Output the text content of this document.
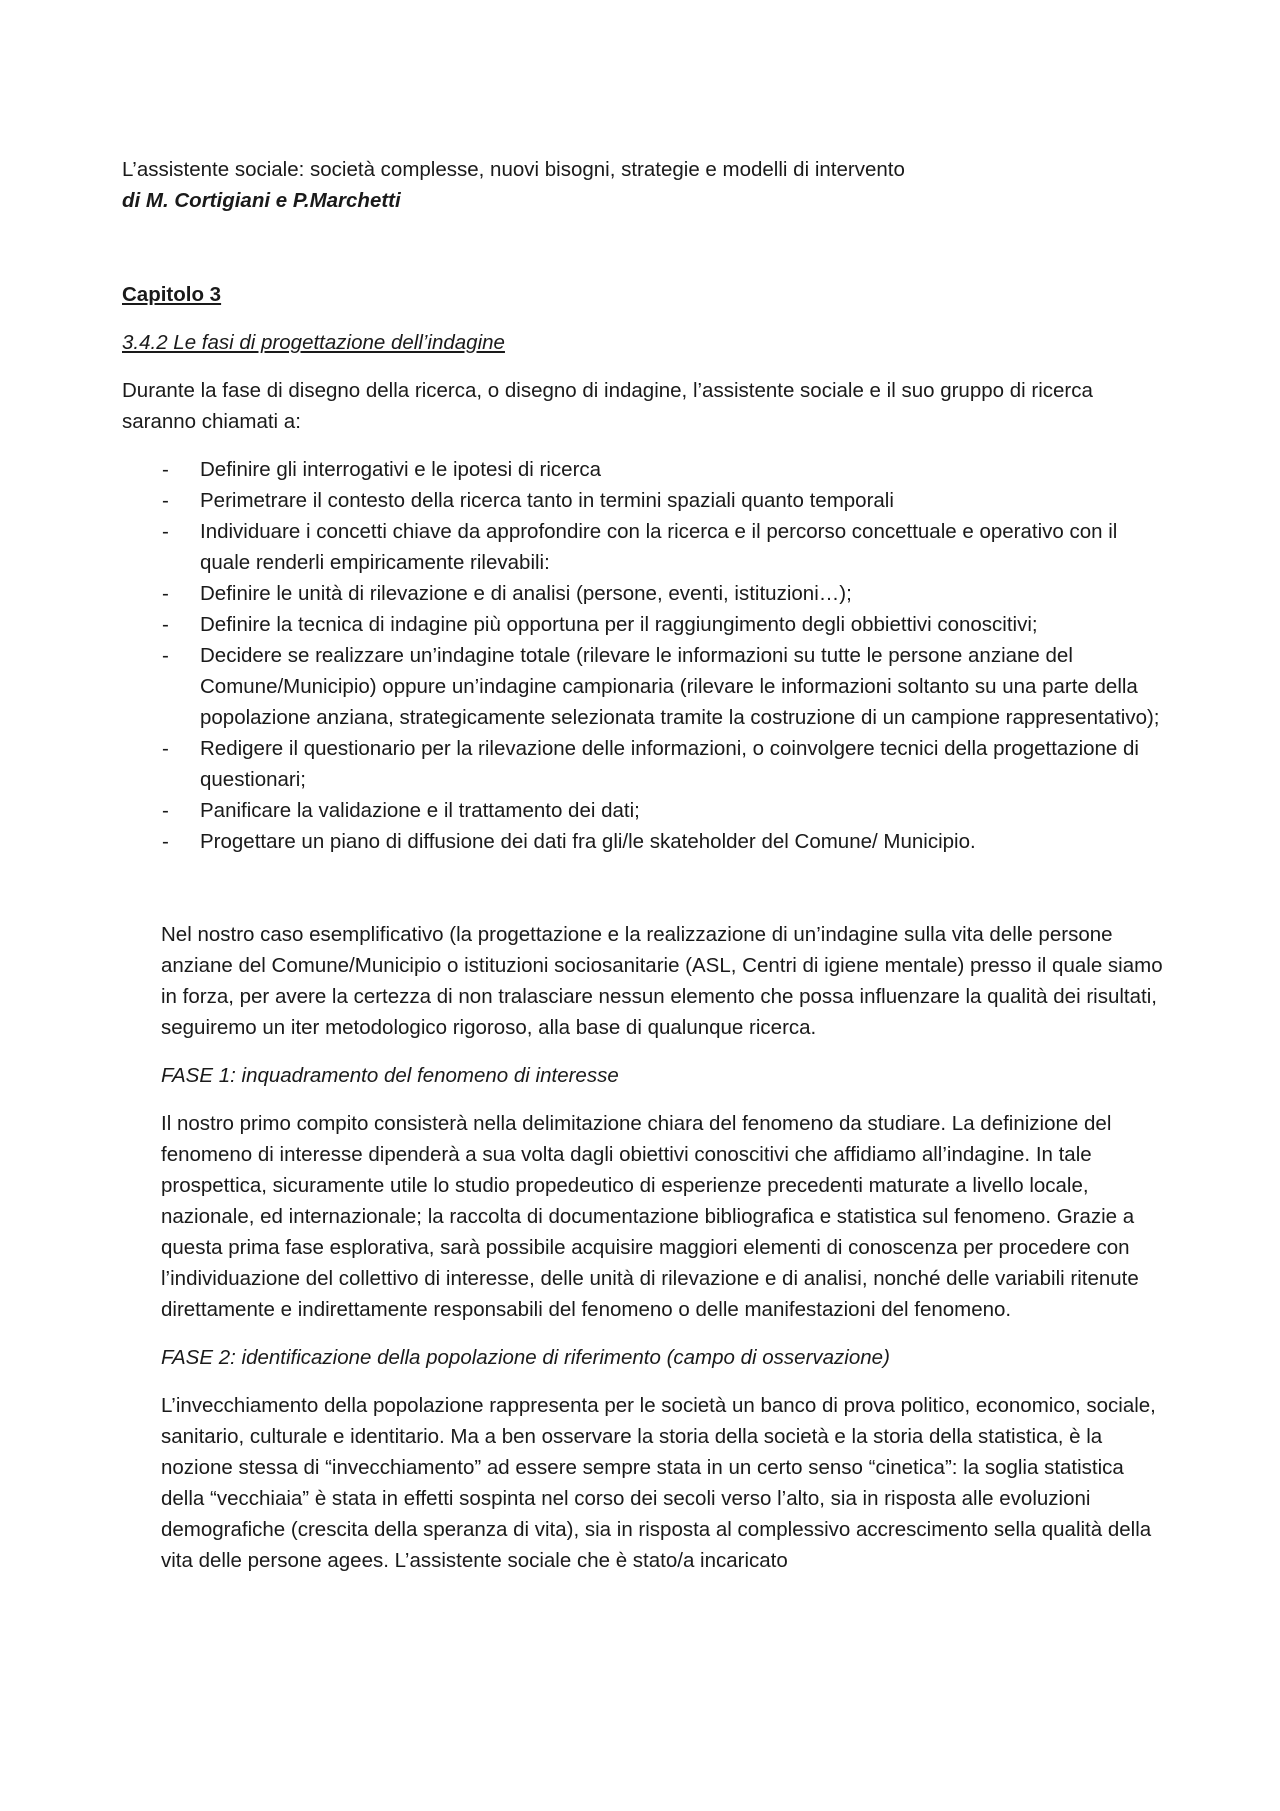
L’assistente sociale: società complesse, nuovi bisogni, strategie e modelli di intervento

di M. Cortigiani e P.Marchetti

Capitolo 3

3.4.2 Le fasi di progettazione dell’indagine

Durante la fase di disegno della ricerca, o disegno di indagine, l’assistente sociale e il suo gruppo di ricerca saranno chiamati a:

- Definire gli interrogativi e le ipotesi di ricerca
- Perimetrare il contesto della ricerca tanto in termini spaziali quanto temporali
- Individuare i concetti chiave da approfondire con la ricerca e il percorso concettuale e operativo con il quale renderli empiricamente rilevabili:
- Definire le unità di rilevazione e di analisi (persone, eventi, istituzioni…);
- Definire la tecnica di indagine più opportuna per il raggiungimento degli obbiettivi conoscitivi;
- Decidere se realizzare un’indagine totale (rilevare le informazioni su tutte le persone anziane del Comune/Municipio) oppure un’indagine campionaria (rilevare le informazioni soltanto su una parte della popolazione anziana, strategicamente selezionata tramite la costruzione di un campione rappresentativo);
- Redigere il questionario per la rilevazione delle informazioni, o coinvolgere tecnici della progettazione di questionari;
- Panificare la validazione e il trattamento dei dati;
- Progettare un piano di diffusione dei dati fra gli/le skateholder del Comune/ Municipio.

Nel nostro caso esemplificativo (la progettazione e la realizzazione di un’indagine sulla vita delle persone anziane del Comune/Municipio o istituzioni sociosanitarie (ASL, Centri di igiene mentale) presso il quale siamo in forza, per avere la certezza di non tralasciare nessun elemento che possa influenzare la qualità dei risultati, seguiremo un iter metodologico rigoroso, alla base di qualunque ricerca.

FASE 1: inquadramento del fenomeno di interesse

Il nostro primo compito consisterà nella delimitazione chiara del fenomeno da studiare. La definizione del fenomeno di interesse dipenderà a sua volta dagli obiettivi conoscitivi che affidiamo all’indagine. In tale prospettica, sicuramente utile lo studio propedeutico di esperienze precedenti maturate a livello locale, nazionale, ed internazionale; la raccolta di documentazione bibliografica e statistica sul fenomeno. Grazie a questa prima fase esplorativa, sarà possibile acquisire maggiori elementi di conoscenza per procedere con l’individuazione del collettivo di interesse, delle unità di rilevazione e di analisi, nonché delle variabili ritenute direttamente e indirettamente responsabili del fenomeno o delle manifestazioni del fenomeno.

FASE 2: identificazione della popolazione di riferimento (campo di osservazione)

L’invecchiamento della popolazione rappresenta per le società un banco di prova politico, economico, sociale, sanitario, culturale e identitario. Ma a ben osservare la storia della società e la storia della statistica, è la nozione stessa di “invecchiamento” ad essere sempre stata in un certo senso “cinetica”: la soglia statistica della “vecchiaia” è stata in effetti sospinta nel corso dei secoli verso l’alto, sia in risposta alle evoluzioni demografiche (crescita della speranza di vita), sia in risposta al complessivo accrescimento sella qualità della vita delle persone agees. L’assistente sociale che è stato/a incaricato
